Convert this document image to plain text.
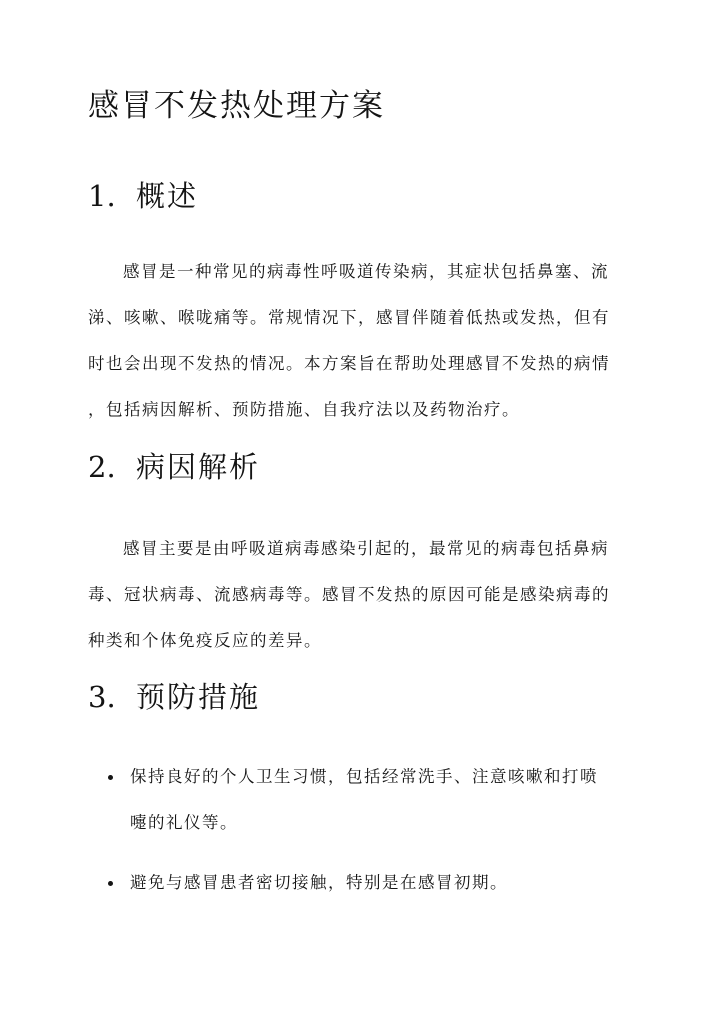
感冒不发热处理方案
1. 概述
感冒是一种常见的病毒性呼吸道传染病，其症状包括鼻塞、流
涕、咳嗽、喉咙痛等。常规情况下，感冒伴随着低热或发热，但有
时也会出现不发热的情况。本方案旨在帮助处理感冒不发热的病情
，包括病因解析、预防措施、自我疗法以及药物治疗。
2. 病因解析
感冒主要是由呼吸道病毒感染引起的，最常见的病毒包括鼻病
毒、冠状病毒、流感病毒等。感冒不发热的原因可能是感染病毒的
种类和个体免疫反应的差异。
3. 预防措施
保持良好的个人卫生习惯，包括经常洗手、注意咳嗽和打喷
嚏的礼仪等。
避免与感冒患者密切接触，特别是在感冒初期。
